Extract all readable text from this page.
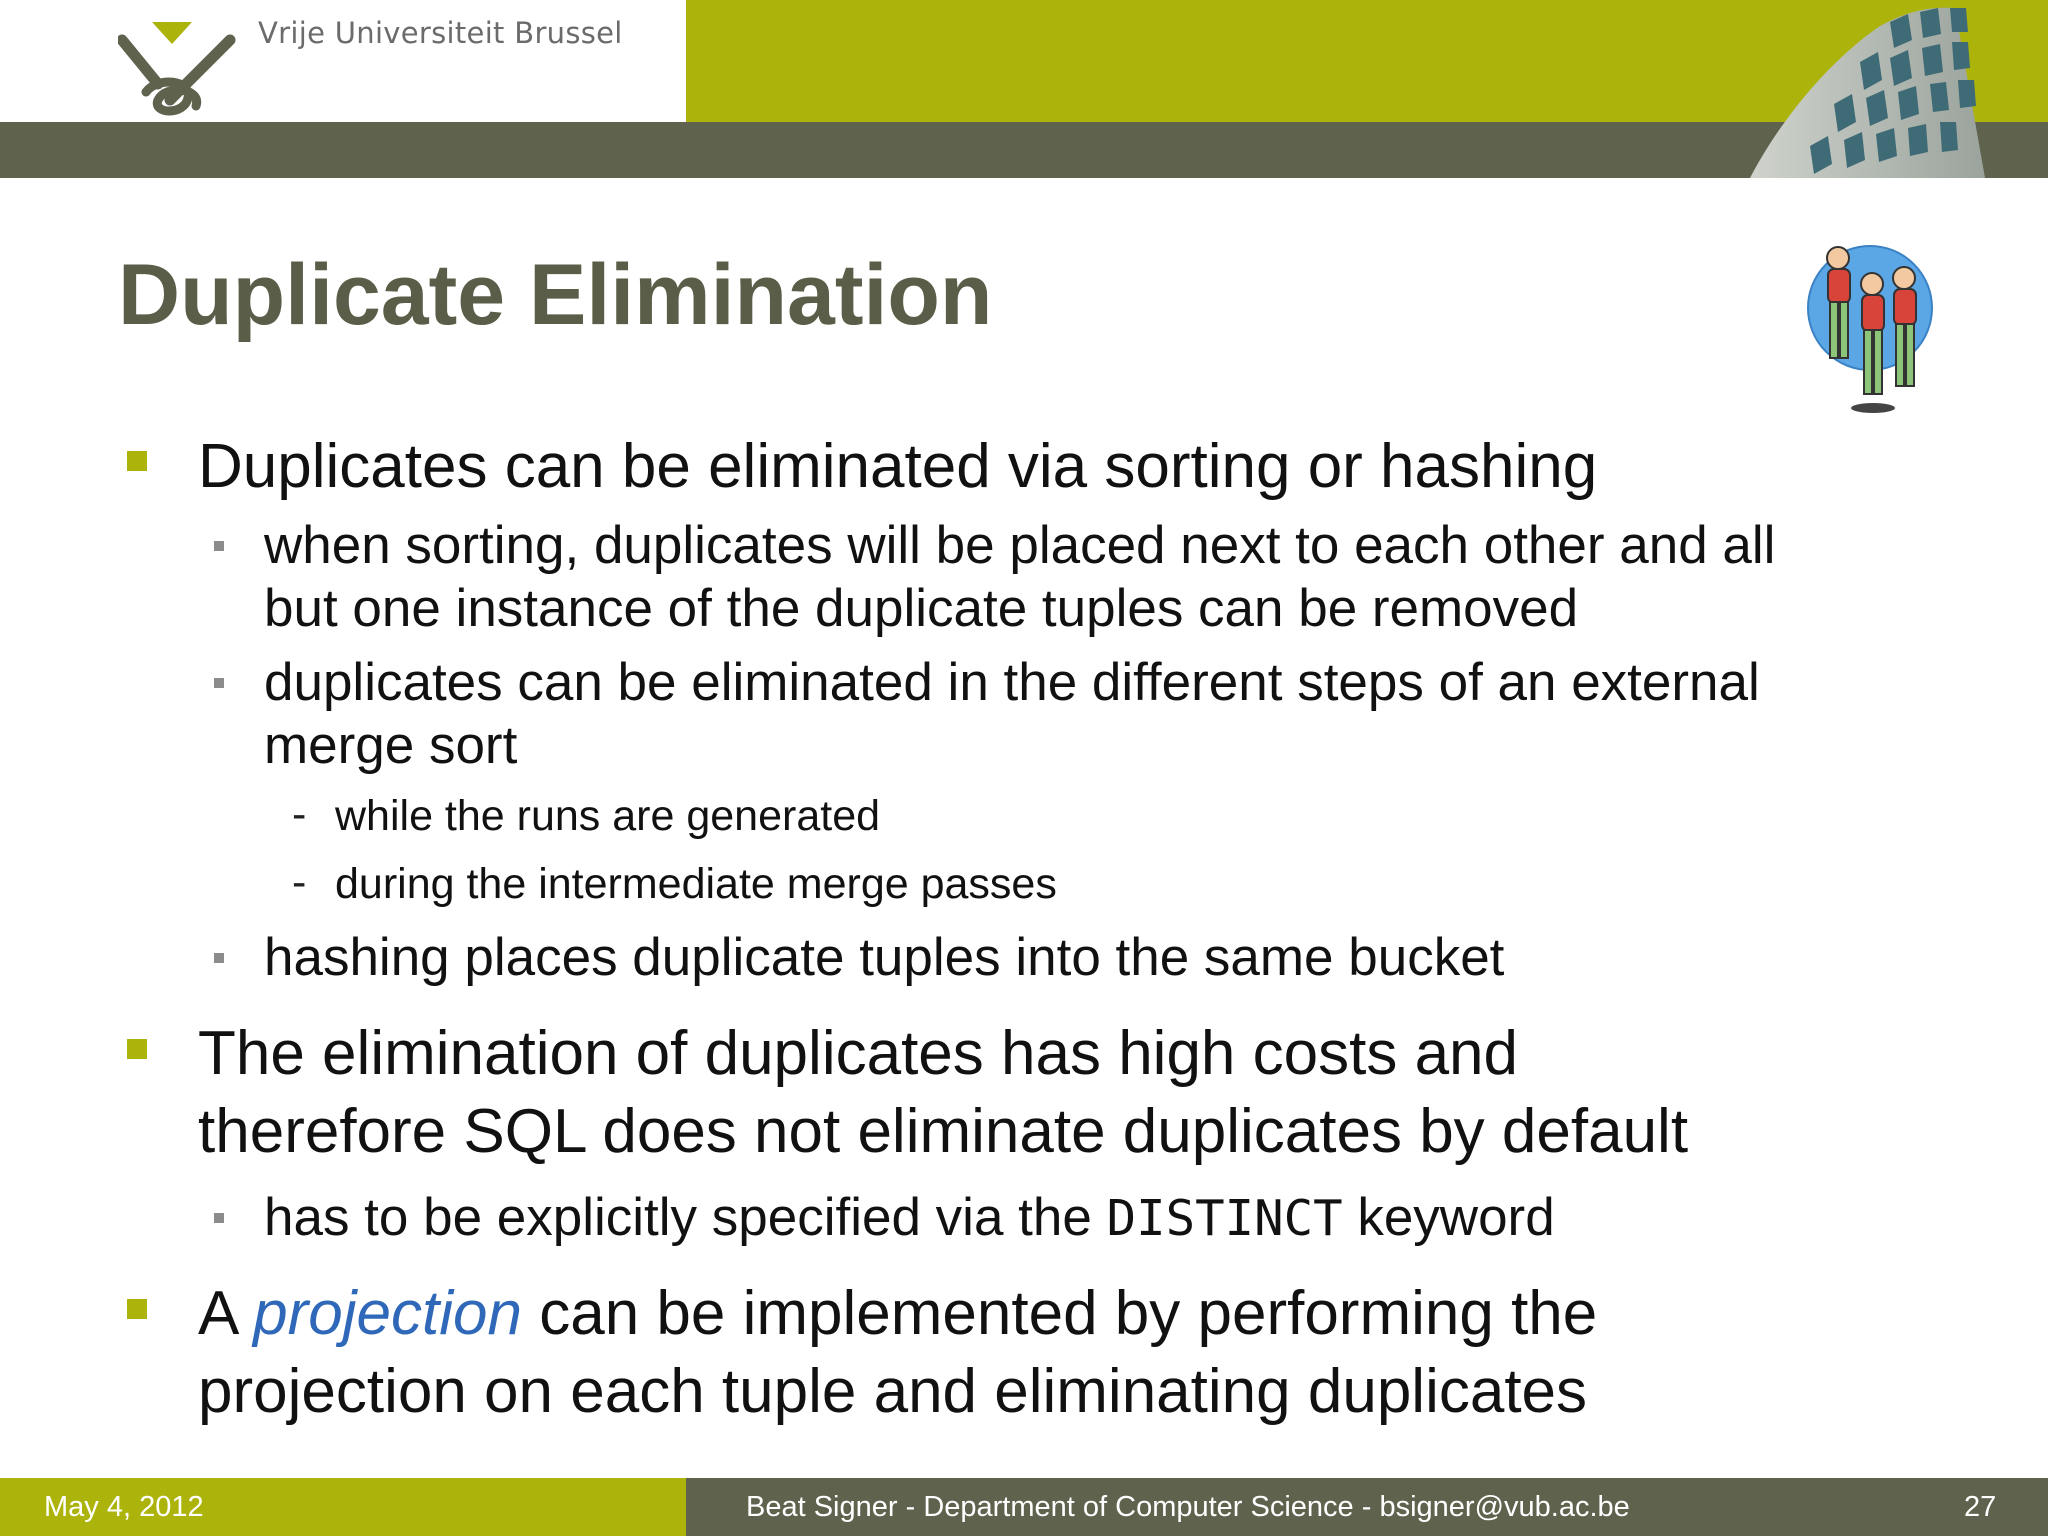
Vrije Universiteit Brussel
Duplicate Elimination
Duplicates can be eliminated via sorting or hashing
when sorting, duplicates will be placed next to each other and all
but one instance of the duplicate tuples can be removed
duplicates can be eliminated in the different steps of an external
merge sort
- while the runs are generated
- during the intermediate merge passes
hashing places duplicate tuples into the same bucket
The elimination of duplicates has high costs and
therefore SQL does not eliminate duplicates by default
has to be explicitly specified via the DISTINCT keyword
A projection can be implemented by performing the
projection on each tuple and eliminating duplicates
May 4, 2012	Beat Signer - Department of Computer Science - bsigner@vub.ac.be	27
